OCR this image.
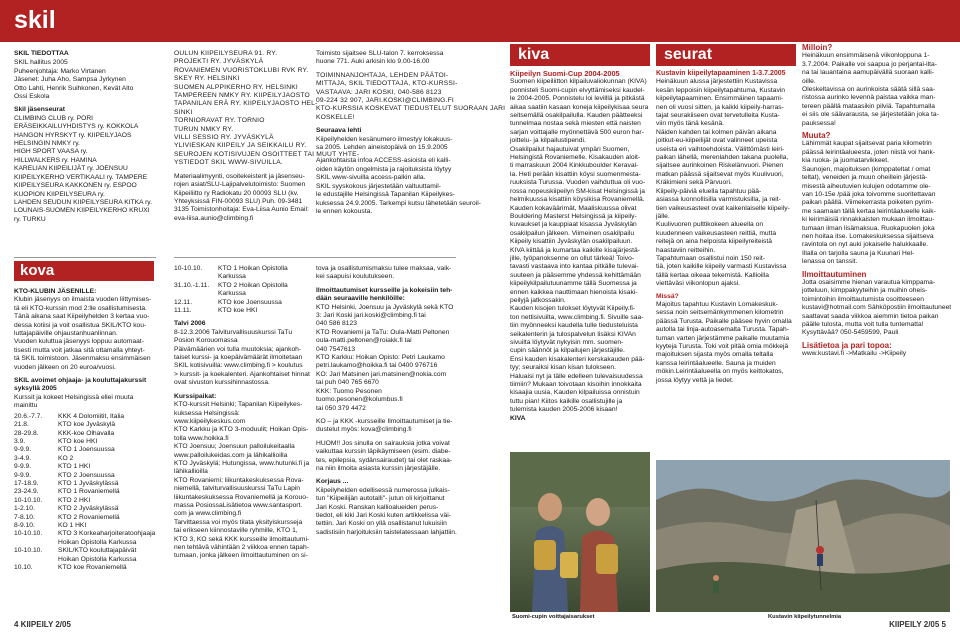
skil
SKIL TIEDOTTAA
SKIL hallitus 2005
Puheenjohtaja: Marko Virtanen
Jäsenet: Juha Aho, Sampsa Jyrkynen
Otto Lahti, Henrik Suihkonen, Kevät Alto
Ossi Eskola
Skil jäsenseurat
CLIMBING CLUB ry. PORI
ERÄSEIKKAILUYHDISTYS ry. KOKKOLA
HANGON HYRSKYT ry. KIIPEILYJAOS
HELSINGIN NMKY ry.
HIGH SPORT VAASA ry.
HILLWALKERS ry. HAMINA
KARELIAN KIIPEILIJÄT ry. JOENSUU
KIIPEILYKERHO VERTIKAALI ry. TAMPERE
KIIPEILYSEURA KAKKONEN ry. ESPOO
KUOPION KIIPEILYSEURA ry.
LAHDEN SEUDUN KIIPEILYSEURA KITKA ry.
LOUNAIS-SUOMEN KIIPEILYKERHO KRUXI
ry. TURKU
kova
KTO-KLUBIN JÄSENILLE:
Klubin jäsenyys on ilmaista vuoden liittymises-
tä eli KTO-kurssin mod 2:lle osallistumisesta.
Tänä aikana saat Kiipeilyhelden 3 kertaa vuo-
dessa kotiisi ja voit osallistua SKIL/KTO kou-
luttajapäiville ohjaustanhuanlinnan.
Vuoden kuluttua jäsenyys loppuu automaat-
tisesti mutta voit jatkaa sitä ottamalla yhteyt-
tä SKIL toimistoon. Jäsenmaksu ensimmäisen
vuoden jälkeen on 20 euroa/vuosi.
SKIL avoimet ohjaaja- ja kouluttajakurssit
syksyllä 2005
Kurssit ja kokeet Helsingissä ellei muuta
mainittu
20.6.-7.7.	KKK 4 Dolomiitit, Italia
21.8.	KTO koe Jyväskylä
28-29.8.	KKK-koe Olhavalla
3.9.	KTO koe HKI
9-9.9.	KTO 1 Joensuussa
3-4.9.	KO 2
9-9.9.	KTO 1 HKI
9-9.9.	KTO 2 Joensuussa
17-18.9.	KTO 1 Jyväskylässä
23-24.9.	KTO 1 Rovaniemellä
10-10.10.	KTO 2 HKI
1-2.10.	KTO 2 Jyväskylässä
7-8.10.	KTO 2 Rovaniemellä
8-9.10.	KO 1 HKI
10-10.10.	KTO 3 Korkeaharjoiteratoohjaaja
Hoikan Opistolla Karkussa
10-10.10.	SKIL/KTO kouluttajapäivät
Hoikan Opistolla Karkussa
10.10.	KTO koe Rovaniemellä
OULUN KIIPEILYSEURA 91. RY.
PROJEKTI RY. JYVÄSKYLÄ
ROVANIEMEN VUORISTOKLUBI RVK RY.
SKEY RY. HELSINKI
SUOMEN ALPPIKERHO RY. HELSINKI
TAMPEREEN NMKY RY. KIIPEILYJAOSTO
TAPANILAN ERÄ RY. KIIPEILYJAOSTO HEL-
SINKI
TORNIORAVAT RY. TORNIO
TURUN NMKY RY.
VILLI SESSIO RY. JYVÄSKYLÄ
YLIVIESKAN KIIPEILY JA SEIKKAILU RY.
SEUROJEN KOTISIVUJEN OSOITTEET TAI MUUT YHTE-
YSTIEDOT SKIL WWW-SIVUILLA.
Materiaalimyynti, osoitekeisterit ja jäsenseu-
rojen asiat/SLU-Lajipalvelutoimisto: Suomen
Kiipeiliitto ry Radiokatu 20 00093 SLU (kv.
Yhteyksissä FIN-00093 SLU) Puh. 09-3481
3135 Toimistonhoitaja: Eva-Liisa Aunio Email:
eva-liisa.aunio@climbing.fi
10-10.10.	KTO 1 Hoikan Opistolla
Karkussa
31.10.-1.11.	KTO 2 Hoikan Opistolla
Karkussa
12.11.	KTO koe Joensuussa
11.11.	KTO koe HKI
Talvi 2006
8-12.3.2006 Talviturvallisuuskurssi TaTu
Posion Korouomassa
Päivämäärien voi tulla muutoksia; ajankoh-
taiset kurssi- ja koepäivämäärät ilmoitetaan
SKIL kotisivuilla: www.climbing.fi > koulutus
> kurssit- ja koekalenteri. Ajankohtaiset hinnat
ovat sivuston kurssihinnastossa.
Kurssipaikat:
KTO-kurssit Helsinki; Tapanilan Kiipeilykes-
kuksessa Helsingissä:
www.kiipeilykeskus.com
KTO Karkku ja KTO 3-moduulit; Hoikan Opis-
tolla www.hoikka.fi
KTO Joensuu; Joensuun palloilukeitaalla
www.palloilukeidas.com ja lähikallioilla
KTO Jyväskylä; Hutungissa, www.hutunki.fi ja
lähikallioilla
KTO Rovaniemi; liikuntakeskuksessa Rova-
niemellä, talviturvallisuuskurssi TaTu Lapin
liikuntakeskuksessa Rovaniemellä ja Korouo-
massa PosiossaLisätietoa www.santasport.
com ja www.climbing.fi
Tarvittaessa voi myös tilata yksityiskursseja
tai erikseen kiinnostaville ryhmille, KTO 1,
KTO 3, KO sekä KKK kursseille ilmoittautumi-
nen tehtävä vähintään 2 viikkoa ennen tapah-
tumaan, jonka jälkeen ilmoittautuminen on si-
Toimisto sijaitsee SLU-talon 7. kerroksessa
huone 771. Auki arkisin klo 9.00-16.00
TOIMINNANJOHTAJA, LEHDEN PÄÄTOI-
MITTAJA, SKIL TIEDOTTAJA, KTO-KURSSI-
VASTAAVA: JARI KOSKI, 040-586 8123
09-224 32 907, JARI.KOSKI@CLIMBING.FI
KTO-KURSSIA KOSKEVAT TIEDUSTELUT SUORAAN JARI
KOSKELLE!
Seuraava lehti
Kiipeilyhelden kesänumero ilmestyy lokakuus-
sa 2005. Lehden aineistopäivä on 15.9.2005
Ajankohtaista infoa ACCESS-asioista eli kalli-
oiden käytön ongelmista ja rajoituksista löytyy
SKIL www-sivuilla access-palkin alla.
SKIL syyskokous järjestetään valtuuttamil-
le edustajille Helsingissä Tapanilan Kiipeilykes-
kuksessa 24.9.2005. Tarkempi kutsu lähetetään seuroil-
le ennen kokousta.
tova ja osallistumismaksu tulee maksaa, vaik-
kei saapuisi koulutukseen.
Ilmoittautumiset kursseille ja kokeisiin teh-
dään seuraaville henkilöille:
KTO Helsinki, Joensuu ja Jyväskylä sekä KTO
3: Jari Koski jari.koski@climbing.fi tai
040 586 8123
KTO Rovaniemi ja TaTu: Oula-Matti Peltonen
oula-matti.peltonen@roiakk.fi tai
040 7547613
KTO Karkku: Hoikan Opisto: Petri Laukamo
petri.laukamo@hoikka.fi tai 0400 976716
KO: Jari Matsinen jari.matsinen@nokia.com
tai puh 040 765 6670
KKK: Tuomo Pesonen
tuomo.pesonen@kolumbus.fi
tai 050 379 4472
KO – ja KKK -kursseille Ilmoittautumiset ja tie-
dustelut myös: kova@climbing.fi
HUOM!! Jos sinulla on sairauksia jotka voivat
vaikuttaa kurssin läpikäymiseen (esim. diabe-
tes, epilepsia, sydänsairaudet) tai olet raskaa-
na niin ilmoita asiasta kurssin järjestäjälle.
Korjaus ...
Kiipeilyhelden edellisessä numerossa julkais-
tun "Kiipeilijän autotalli"- jutun oli kirjoittanut
Jari Koski. Ranskan kallioalueiden perus-
tiedot, eli kiki Jari Koski kuten artikkelissa väi-
tettiin. Jari Koski on yllä osallistanut lukuisiin
sadistisiin harjoituksiin taistelatessaan lahjattiin.
kiva
Kiipeilyn Suomi-Cup 2004-2005
Suomen kiipeiliitton kilpailuvaliokunnan (KIVA)
ponnisteli Suomi-cupin elvyttämiseksi kaudel-
le 2004-2005. Ponnistelu loi levilllä ja pitkästä
aikaa saatiin kasaan koneja kiipeilykisaa seura
seitsemällä osakilpailulla. Kauden päätteeksi
tunnelmaa nostaa sekä miesten että naisten
sarjan voittajalle myönnettävä 500 euron har-
joittelu- ja kilpailustipendi.
Osakilpailut hajautuivat ympäri Suomen,
Helsingistä Rovaniemelle. Kisakauden aloit-
ti marraskuun 2004 Kinkkuboulder Keraval-
la. Heti perään kisattiin köysi suomenmesta-
ruuksista Turussa. Vuoden vaihduttua oli vuo-
rossa nopeuskiipeilyn SM-kisat Helsingissä ja
helmikuussa kisattiin köysikisa Rovaniemellä.
Kauden kokaväärimät, Maaliskuussa olivat
Bouldering Masterst Helsingissä ja kiipeily-
kuvaukset ja kauppiaat kisassa Jyväskylän
osakilpailun jälkeen. Viimeinen osakilpailu
Kiipeily kisattiin Jyväskylän osakilpailuun.
KIVA kiittää ja kumartaa kaikille kisajärjestä-
jille, työpanoksenne on ollut tärkeä! Toivo-
tavasti vastaava into kantaa pitkälle tulevai-
suuteen ja pääsemme yhdessä kehittämään
kiipeilykilpailutuunamme tällä Suomessa ja
ennen kaikkea nauttimaan hienoista kisaki-
peilyjä jatkossakin.
Kauden kisojen tulokset löytyvät Kiipeily.fi-
ton nettisivuilta, www.climbing.fi. Sivuille saa-
tiin myönneeksi kaudella tulle tiedusteluista
seikalenterin ja tulospalvelun lisäksi KIVAn
sivuilta löytyvät nykyisin mm. suomen-
cupin säännöt ja kilpailujen järjestäjille.
Ensi kauden kisakalenteri kerskakauden pää-
tyy; seuraiksi kisan kisan tulokseen.
Haluaisi nyt ja tälle edelleen tulevaisuudessa
tiimiin? Mukaan toivotaan kisoihin innokkaita
kisaajia uusia, Kauden kilpailuissa onnistuin
tuttu pian! Kiitos kaikille osallistujille ja
tulemista kauden 2005-2006 kisaan!
KIVA
seurat
Kustavin kiipeilytapaaminen 1-3.7.2005
Heinäkuun alussa järjestettiin Kustavissa
kesän leppoisin kiipeilytapahtuma, Kustavin
kiipeilytapaaminen. Ensimmäinen tapaami-
nen oli vuosi sitten, ja kaikki kiipeily-harras-
tajat seurakiiseen ovat tervetulleita Kusta-
viin myös tänä kesänä.
Näiden kahden tai kolmen päivän aikana
joitkut-eu-kiipeilijät ovat valinneet upeista
useista eri vaihtoehdoista. Välittömästi leiri-
paikan lähellä, merenlahden takana puolella,
sijaitsee aurinkoinen Riskelänvuori. Pienen
matkan päässä sijaitsevat myös Kuulivuori,
Kräkimieni sekä Pärvuori.
Kiipeily-päiviä eluella tapahtuu pää-
asiassa luonnollisilla varmistuksilla, ja reit-
tien vaikeusasteet ovat kaikenlaiselle kiipeily-
jälle.
Kuulivuoren pulttikokeen alueella on
kuudenneen vaikeusasteen reittiä, mutta
reitejä on aina helpoista kiipeilyreiteistä
haastaviin reitteihin.
Tapahtumaan osallistui noin 150 reit-
tiä, joten kaikille kiipeily varmasti Kustavissa
tällä kertaa oikeaa tekemistä. Kallioilla
viettäväsi viikonlopun ajaksi.
Missä?
Majoitus tapahtuu Kustavin Lomakeskuk-
sessa noin seitsemänkymmenen kilometrin
päässä Turusta. Paikalle pääsee hyvin omalla
autolla tai linja-autoasemalta Turusta. Tapah-
tuman varten järjestämme paikalle muutamia
kyyteja Turusta. Toki voit pitää omia mökkejä
majoituksen sijasta myös omalla teltalla
kanssa leirintäalueelle. Sauna ja muiden
mökin.Leirintäalueella on myös keittokatos,
jossa löytyy vettä ja liedet.
Milloin?
Heinäkuun ensimmäisenä viikonloppuna 1-
3.7.2004. Paikalle voi saapua jo perjantai-ilta-
na tai lauantaina aamupäivällä suoraan kalli-
oille.
Oleskeltavissa on aurinkoista säätä sillä saa-
ristossa aurinko levennä paistaa vaikka man-
tereen päällä mataasikin pilviä. Tapahtumalla
ei siis ole säävarausta, se järjestetään joka ta-
pauksessa!
Muuta?
Lähimmät kaupat sijaitsevat paria kilometrin
päässä leirintäalueesta, joten niistä voi hank-
kia ruoka- ja juomatarvikkeet.
Saunojen, majoituksen (kimppateltat / omat
teltat), veneiden ja muun oheillein järjestä-
misestä aiheutuvien kulujen odotamme ole-
van 10-15e /pää joka toivomme suoritettavan
paikan päällä. Viimekerrasta poiketen pyrim-
me saamaan tällä kertaa leirintäalueelle kaik-
ki leirimäisiä rinnakkaisten mukaan ilmoittau-
tumaan ilman lisämaksua. Ruokapuolen joka
nen hoitaa itse. Lomakeskuksessa sijaitseva
ravintola on nyt auki jokaiselle halukkaalle.
Illalla on tarjolla sauna ja Kuunari Hel-
lenassa on tanssit.
Ilmoittautuminen
Jotta osaisimme hienan varautua kimppama-
jotteluun, kimppakyyteihin ja muihin oheis-
toimintoihin ilmoittautumista osoitteeseen
kustavi@hotmail.com Sähköpostiin ilmoittautuneet
saattavat saada viikkoa aiemmin tietoa paikan
päälle tulosta, mutta voit tulla tuntematta!
Kysyttävää? 050-5459599, Pauli
Lisätietoa ja pari topoa:
www.kustavi.fi ->Matkailu ->Kiipeily
Suomi-cupin voittajaisarukset	Kustavin kiipeilytunnelmia
4 KIIPEILY 2/05	KIIPEILY 2/05 5
